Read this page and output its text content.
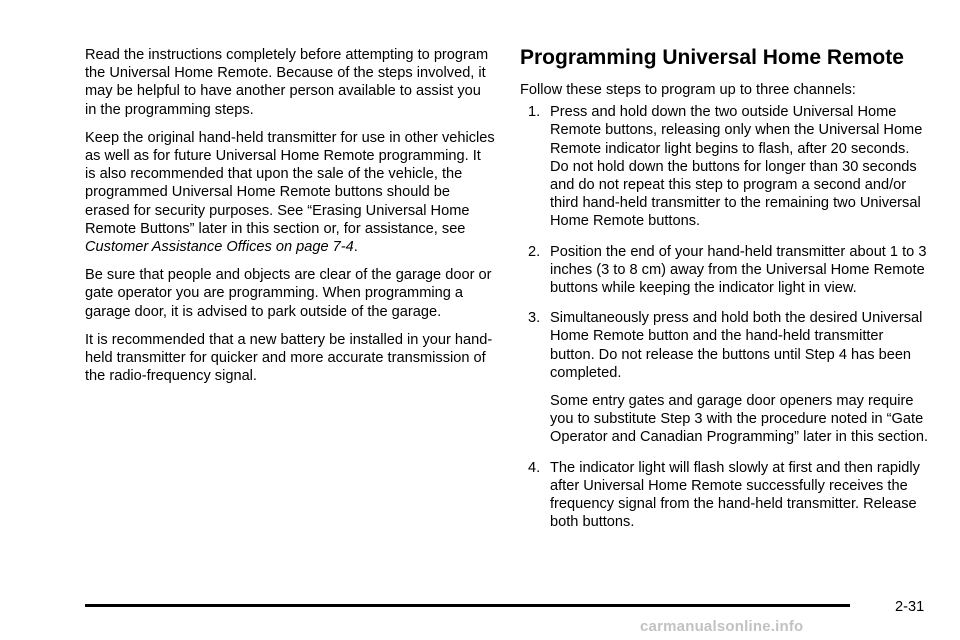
Read the instructions completely before attempting to program the Universal Home Remote. Because of the steps involved, it may be helpful to have another person available to assist you in the programming steps.

Keep the original hand-held transmitter for use in other vehicles as well as for future Universal Home Remote programming. It is also recommended that upon the sale of the vehicle, the programmed Universal Home Remote buttons should be erased for security purposes. See “Erasing Universal Home Remote Buttons” later in this section or, for assistance, see Customer Assistance Offices on page 7-4.

Be sure that people and objects are clear of the garage door or gate operator you are programming. When programming a garage door, it is advised to park outside of the garage.

It is recommended that a new battery be installed in your hand-held transmitter for quicker and more accurate transmission of the radio-frequency signal.

Programming Universal Home Remote

Follow these steps to program up to three channels:

1. Press and hold down the two outside Universal Home Remote buttons, releasing only when the Universal Home Remote indicator light begins to flash, after 20 seconds. Do not hold down the buttons for longer than 30 seconds and do not repeat this step to program a second and/or third hand-held transmitter to the remaining two Universal Home Remote buttons.
2. Position the end of your hand-held transmitter about 1 to 3 inches (3 to 8 cm) away from the Universal Home Remote buttons while keeping the indicator light in view.
3. Simultaneously press and hold both the desired Universal Home Remote button and the hand-held transmitter button. Do not release the buttons until Step 4 has been completed.
Some entry gates and garage door openers may require you to substitute Step 3 with the procedure noted in “Gate Operator and Canadian Programming” later in this section.
4. The indicator light will flash slowly at first and then rapidly after Universal Home Remote successfully receives the frequency signal from the hand-held transmitter. Release both buttons.
2-31
carmanualsonline.info
